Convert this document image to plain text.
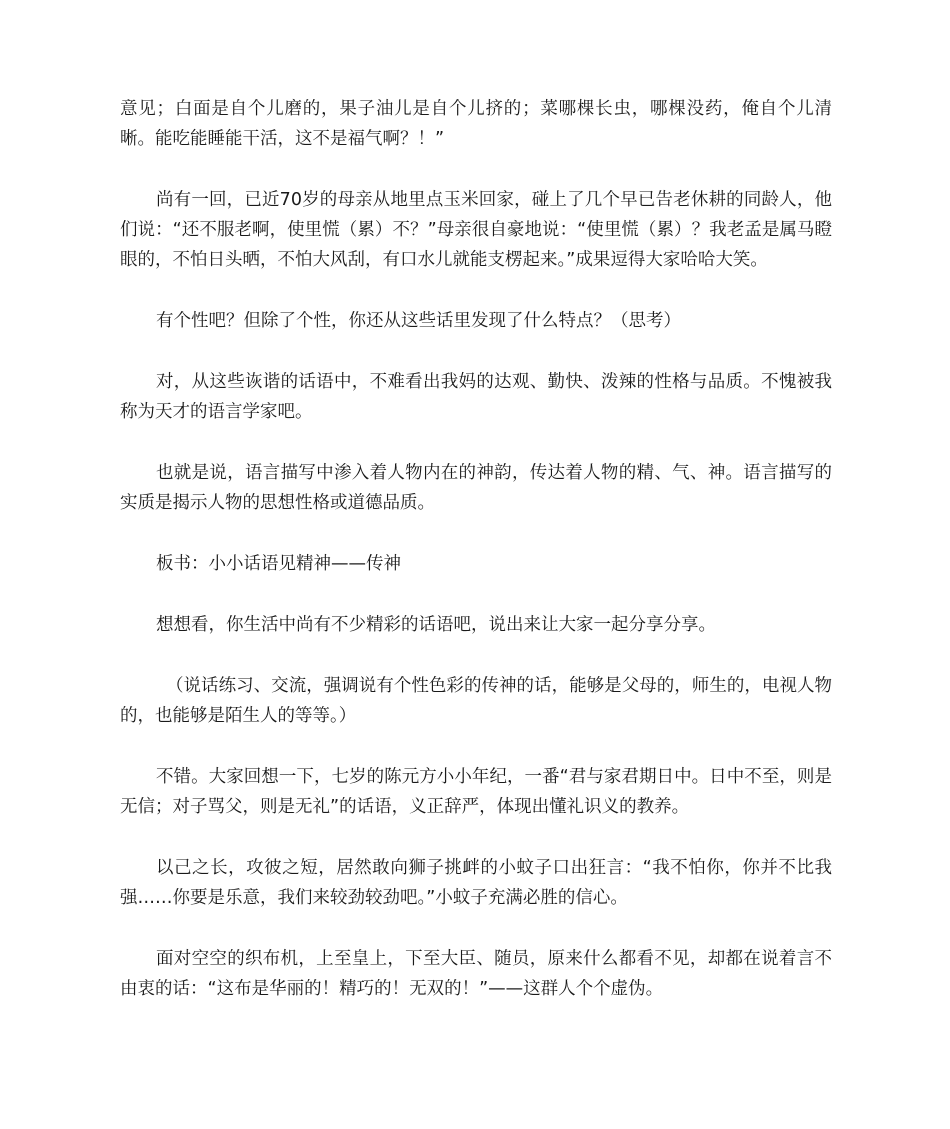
意见；白面是自个儿磨的，果子油儿是自个儿挤的；菜哪棵长虫，哪棵没药，俺自个儿清晰。能吃能睡能干活，这不是福气啊？！”

尚有一回，已近70岁的母亲从地里点玉米回家，碰上了几个早已告老休耕的同龄人，他们说：“还不服老啊，使里慌（累）不？”母亲很自豪地说：“使里慌（累）？我老孟是属马瞪眼的，不怕日头晒，不怕大风刮，有口水儿就能支楞起来。”成果逗得大家哈哈大笑。

有个性吧？但除了个性，你还从这些话里发现了什么特点？（思考）

对，从这些诙谐的话语中，不难看出我妈的达观、勤快、泼辣的性格与品质。不愧被我称为天才的语言学家吧。

也就是说，语言描写中渗入着人物内在的神韵，传达着人物的精、气、神。语言描写的实质是揭示人物的思想性格或道德品质。

板书：小小话语见精神——传神

想想看，你生活中尚有不少精彩的话语吧，说出来让大家一起分享分享。

（说话练习、交流，强调说有个性色彩的传神的话，能够是父母的，师生的，电视人物的，也能够是陌生人的等等。）

不错。大家回想一下，七岁的陈元方小小年纪，一番“君与家君期日中。日中不至，则是无信；对子骂父，则是无礼”的话语，义正辞严，体现出懂礼识义的教养。

以己之长，攻彼之短，居然敢向狮子挑衅的小蚊子口出狂言：“我不怕你，你并不比我强……你要是乐意，我们来较劲较劲吧。”小蚊子充满必胜的信心。

面对空空的织布机，上至皇上，下至大臣、随员，原来什么都看不见，却都在说着言不由衷的话：“这布是华丽的！精巧的！无双的！”——这群人个个虚伪。
